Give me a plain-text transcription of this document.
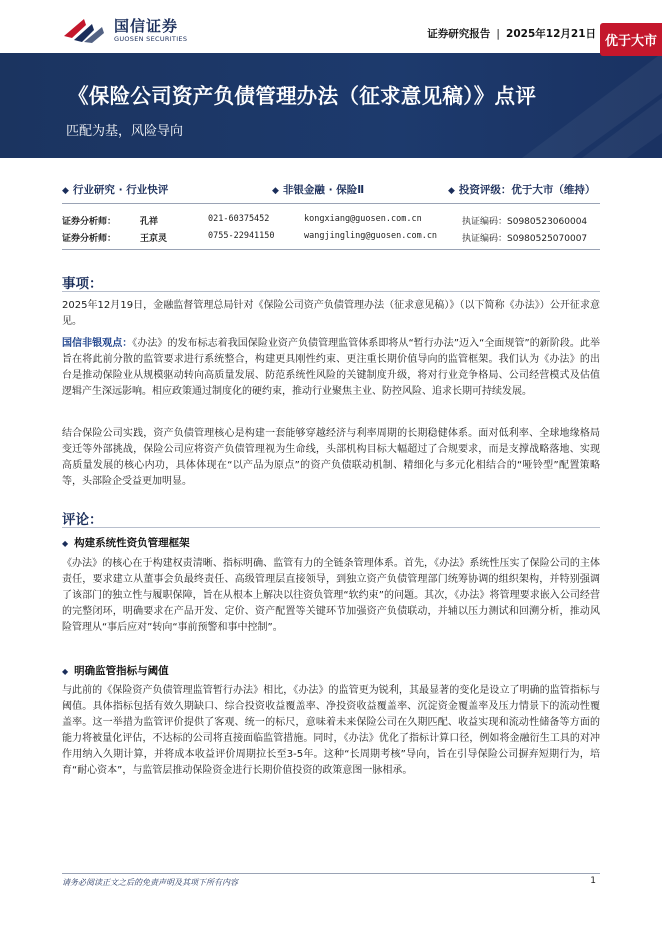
国信证券
GUOSEN SECURITIES	证券研究报告 | 2025年12月21日
《保险公司资产负债管理办法（征求意见稿）》点评
匹配为基，风险导向
优于大市
◆ 行业研究 · 行业快评	◆ 非银金融 · 保险Ⅱ	◆ 投资评级：优于大市（维持）
证券分析师：	孔祥	021-60375452	kongxiang@guosen.com.cn	执证编码：S0980523060004
证券分析师：	王京灵	0755-22941150	wangjingling@guosen.com.cn	执证编码：S0980525070007
事项：
2025年12月19日，金融监督管理总局针对《保险公司资产负债管理办法（征求意见稿）》（以下简称《办法》）公开征求意见。
国信非银观点：《办法》的发布标志着我国保险业资产负债管理监管体系即将从“暂行办法”迈入“全面规管”的新阶段。此举旨在将此前分散的监管要求进行系统整合，构建更具刚性约束、更注重长期价值导向的监管框架。我们认为《办法》的出台是推动保险业从规模驱动转向高质量发展、防范系统性风险的关键制度升级，将对行业竞争格局、公司经营模式及估值逻辑产生深远影响。相应政策通过制度化的硬约束，推动行业聚焦主业、防控风险、追求长期可持续发展。
结合保险公司实践，资产负债管理核心是构建一套能够穿越经济与利率周期的长期稳健体系。面对低利率、全球地缘格局变迁等外部挑战，保险公司应将资产负债管理视为生命线，头部机构目标大幅超过了合规要求，而是支撑战略落地、实现高质量发展的核心内功，具体体现在“以产品为原点”的资产负债联动机制、精细化与多元化相结合的“哑铃型”配置策略等，头部险企受益更加明显。
评论：
◆ 构建系统性资负管理框架
《办法》的核心在于构建权责清晰、指标明确、监管有力的全链条管理体系。首先，《办法》系统性压实了保险公司的主体责任，要求建立从董事会负最终责任、高级管理层直接领导，到独立资产负债管理部门统筹协调的组织架构，并特别强调了该部门的独立性与履职保障，旨在从根本上解决以往资负管理“软约束”的问题。其次，《办法》将管理要求嵌入公司经营的完整闭环，明确要求在产品开发、定价、资产配置等关键环节加强资产负债联动，并辅以压力测试和回溯分析，推动风险管理从“事后应对”转向“事前预警和事中控制”。
◆ 明确监管指标与阈值
与此前的《保险资产负债管理监管暂行办法》相比，《办法》的监管更为锐利，其最显著的变化是设立了明确的监管指标与阈值。具体指标包括有效久期缺口、综合投资收益覆盖率、净投资收益覆盖率、沉淀资金覆盖率及压力情景下的流动性覆盖率。这一举措为监管评价提供了客观、统一的标尺，意味着未来保险公司在久期匹配、收益实现和流动性储备等方面的能力将被量化评估，不达标的公司将直接面临监管措施。同时，《办法》优化了指标计算口径，例如将金融衍生工具的对冲作用纳入久期计算，并将成本收益评价周期拉长至3-5年。这种“长周期考核”导向，旨在引导保险公司摒弃短期行为，培育“耐心资本”，与监管层推动保险资金进行长期价值投资的政策意图一脉相承。
请务必阅读正文之后的免责声明及其项下所有内容	1
